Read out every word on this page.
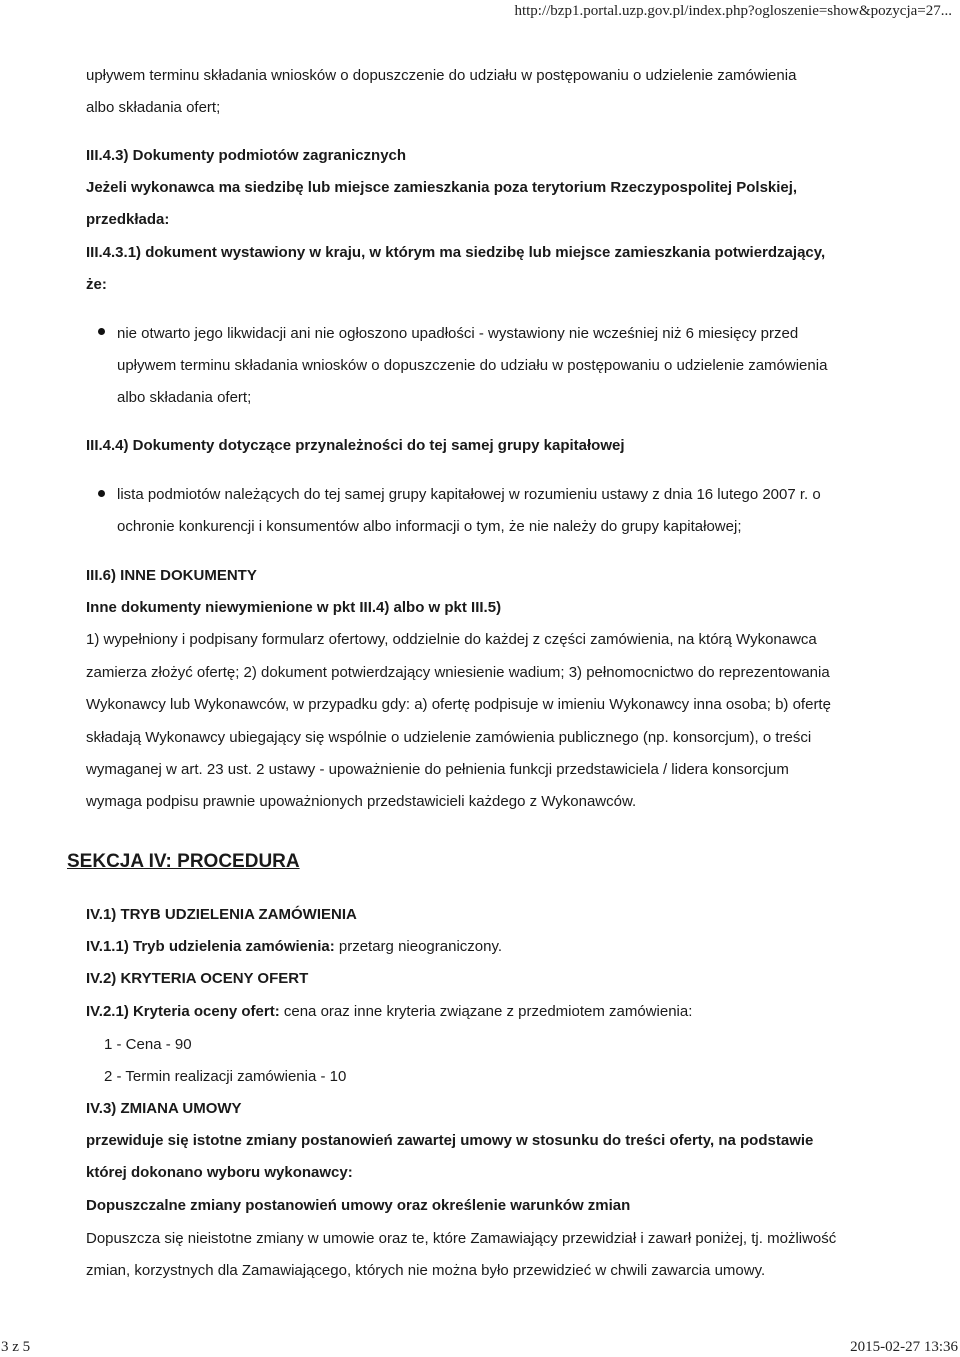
http://bzp1.portal.uzp.gov.pl/index.php?ogloszenie=show&pozycja=27...
upływem terminu składania wniosków o dopuszczenie do udziału w postępowaniu o udzielenie zamówienia
albo składania ofert;
III.4.3) Dokumenty podmiotów zagranicznych
Jeżeli wykonawca ma siedzibę lub miejsce zamieszkania poza terytorium Rzeczypospolitej Polskiej,
przedkłada:
III.4.3.1) dokument wystawiony w kraju, w którym ma siedzibę lub miejsce zamieszkania potwierdzający,
że:
nie otwarto jego likwidacji ani nie ogłoszono upadłości - wystawiony nie wcześniej niż 6 miesięcy przed
upływem terminu składania wniosków o dopuszczenie do udziału w postępowaniu o udzielenie zamówienia
albo składania ofert;
III.4.4) Dokumenty dotyczące przynależności do tej samej grupy kapitałowej
lista podmiotów należących do tej samej grupy kapitałowej w rozumieniu ustawy z dnia 16 lutego 2007 r. o
ochronie konkurencji i konsumentów albo informacji o tym, że nie należy do grupy kapitałowej;
III.6) INNE DOKUMENTY
Inne dokumenty niewymienione w pkt III.4) albo w pkt III.5)
1) wypełniony i podpisany formularz ofertowy, oddzielnie do każdej z części zamówienia, na którą Wykonawca
zamierza złożyć ofertę; 2) dokument potwierdzający wniesienie wadium; 3) pełnomocnictwo do reprezentowania
Wykonawcy lub Wykonawców, w przypadku gdy: a) ofertę podpisuje w imieniu Wykonawcy inna osoba; b) ofertę
składają Wykonawcy ubiegający się wspólnie o udzielenie zamówienia publicznego (np. konsorcjum), o treści
wymaganej w art. 23 ust. 2 ustawy - upoważnienie do pełnienia funkcji przedstawiciela / lidera konsorcjum
wymaga podpisu prawnie upoważnionych przedstawicieli każdego z Wykonawców.
SEKCJA IV: PROCEDURA
IV.1) TRYB UDZIELENIA ZAMÓWIENIA
IV.1.1) Tryb udzielenia zamówienia: przetarg nieograniczony.
IV.2) KRYTERIA OCENY OFERT
IV.2.1) Kryteria oceny ofert: cena oraz inne kryteria związane z przedmiotem zamówienia:
1 - Cena - 90
2 - Termin realizacji zamówienia - 10
IV.3) ZMIANA UMOWY
przewiduje się istotne zmiany postanowień zawartej umowy w stosunku do treści oferty, na podstawie
której dokonano wyboru wykonawcy:
Dopuszczalne zmiany postanowień umowy oraz określenie warunków zmian
Dopuszcza się nieistotne zmiany w umowie oraz te, które Zamawiający przewidział i zawarł poniżej, tj. możliwość
zmian, korzystnych dla Zamawiającego, których nie można było przewidzieć w chwili zawarcia umowy.
3 z 5	2015-02-27 13:36
